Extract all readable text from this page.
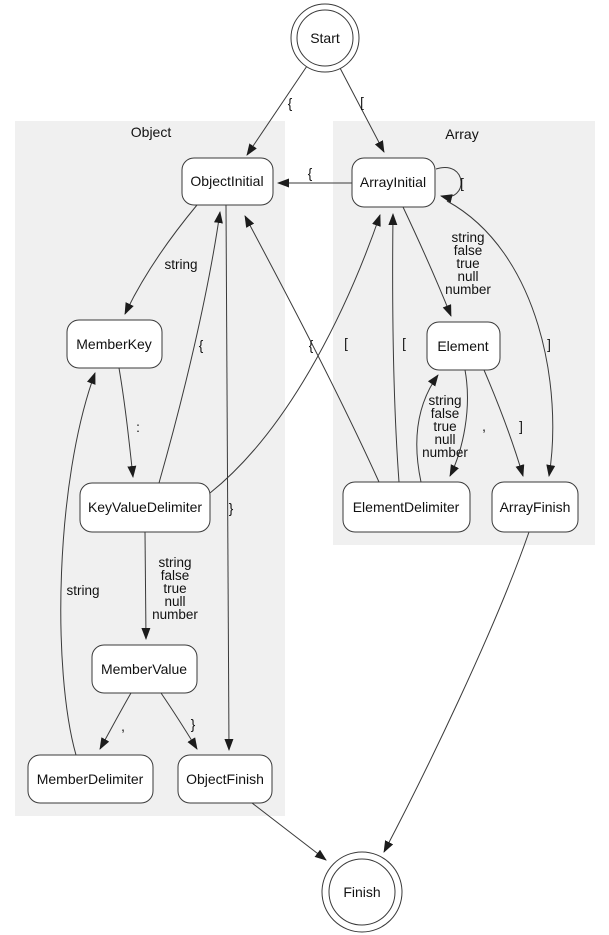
Object	Array
{	[
{
[
string
}
:
string
false
true
null
number
{	[
,	}
string
string
false
true
null
number
]
, ]
string
false
true
null
number
{	[
Start
ObjectInitial	ArrayInitial
MemberKey	Element
KeyValueDelimiter	ElementDelimiter	ArrayFinish
MemberValue
MemberDelimiter	ObjectFinish
Finish
